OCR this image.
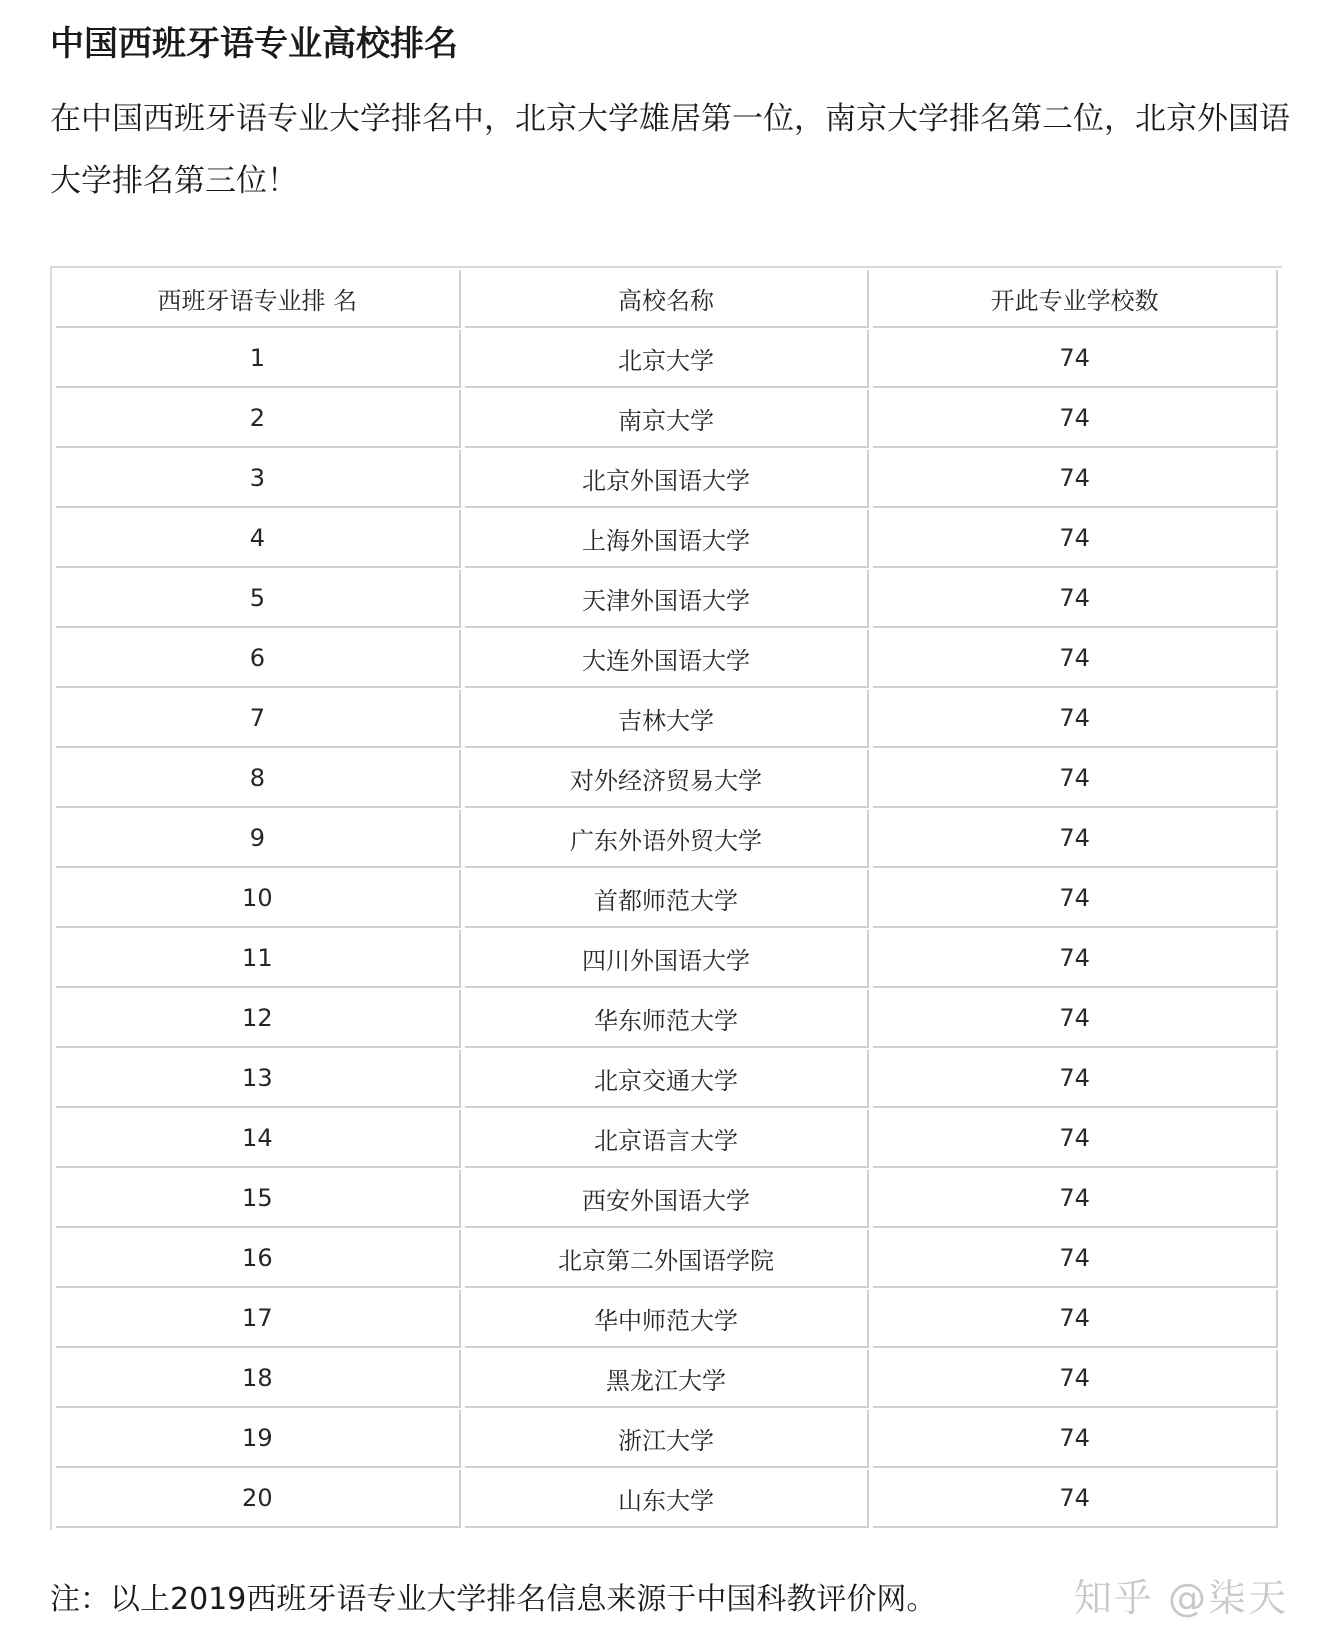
中国西班牙语专业高校排名

在中国西班牙语专业大学排名中，北京大学雄居第一位，南京大学排名第二位，北京外国语大学排名第三位！

西班牙语专业排 名	高校名称	开此专业学校数
1	北京大学	74
2	南京大学	74
3	北京外国语大学	74
4	上海外国语大学	74
5	天津外国语大学	74
6	大连外国语大学	74
7	吉林大学	74
8	对外经济贸易大学	74
9	广东外语外贸大学	74
10	首都师范大学	74
11	四川外国语大学	74
12	华东师范大学	74
13	北京交通大学	74
14	北京语言大学	74
15	西安外国语大学	74
16	北京第二外国语学院	74
17	华中师范大学	74
18	黑龙江大学	74
19	浙江大学	74
20	山东大学	74

注：以上2019西班牙语专业大学排名信息来源于中国科教评价网。	知乎 @柒天
